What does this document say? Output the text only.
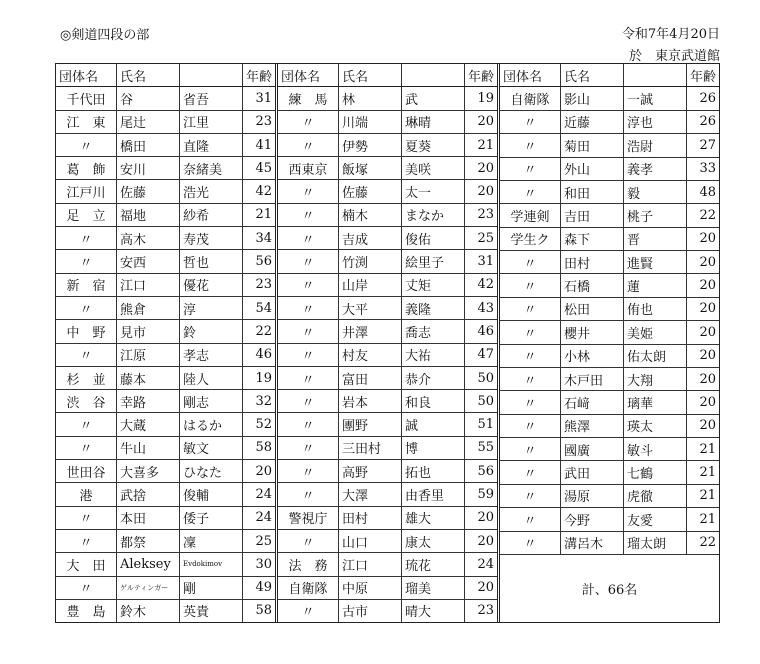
◎剣道四段の部	令和7年4月20日
於　東京武道館
団体名	氏名		年齢
千代田	谷	省吾	31
江　東	尾辻	江里	23
〃	橋田	直隆	41
葛　飾	安川	奈緒美	45
江戸川	佐藤	浩光	42
足　立	福地	紗希	21
〃	高木	寿茂	34
〃	安西	哲也	56
新　宿	江口	優花	23
〃	熊倉	淳	54
中　野	見市	鈴	22
〃	江原	孝志	46
杉　並	藤本	陸人	19
渋　谷	幸路	剛志	32
〃	大蔵	はるか	52
〃	牛山	敏文	58
世田谷	大喜多	ひなた	20
港	武捨	俊輔	24
〃	本田	倭子	24
〃	都祭	凜	25
大　田	Aleksey	Evdokimov	30
〃	ゲルティンガー	剛	49
豊　島	鈴木	英貴	58
団体名	氏名		年齢
練　馬	林	武	19
〃	川端	琳晴	20
〃	伊勢	夏葵	21
西東京	飯塚	美咲	20
〃	佐藤	太一	20
〃	楠木	まなか	23
〃	吉成	俊佑	25
〃	竹渕	絵里子	31
〃	山岸	丈矩	42
〃	大平	義隆	43
〃	井澤	喬志	46
〃	村友	大祐	47
〃	富田	恭介	50
〃	岩本	和良	50
〃	團野	誠	51
〃	三田村	博	55
〃	高野	拓也	56
〃	大澤	由香里	59
警視庁	田村	雄大	20
〃	山口	康太	20
法　務	江口	琉花	24
自衛隊	中原	瑠美	20
〃	古市	晴大	23
団体名	氏名		年齢
自衛隊	影山	一誠	26
〃	近藤	淳也	26
〃	菊田	浩尉	27
〃	外山	義孝	33
〃	和田	毅	48
学連剣	吉田	桃子	22
学生ク	森下	晋	20
〃	田村	進賢	20
〃	石橋	蓮	20
〃	松田	侑也	20
〃	櫻井	美姫	20
〃	小林	佑太朗	20
〃	木戸田	大翔	20
〃	石﨑	璃華	20
〃	熊澤	瑛太	20
〃	國廣	敏斗	21
〃	武田	七鶴	21
〃	湯原	虎徹	21
〃	今野	友愛	21
〃	溝呂木	瑠太朗	22
計、66名			
